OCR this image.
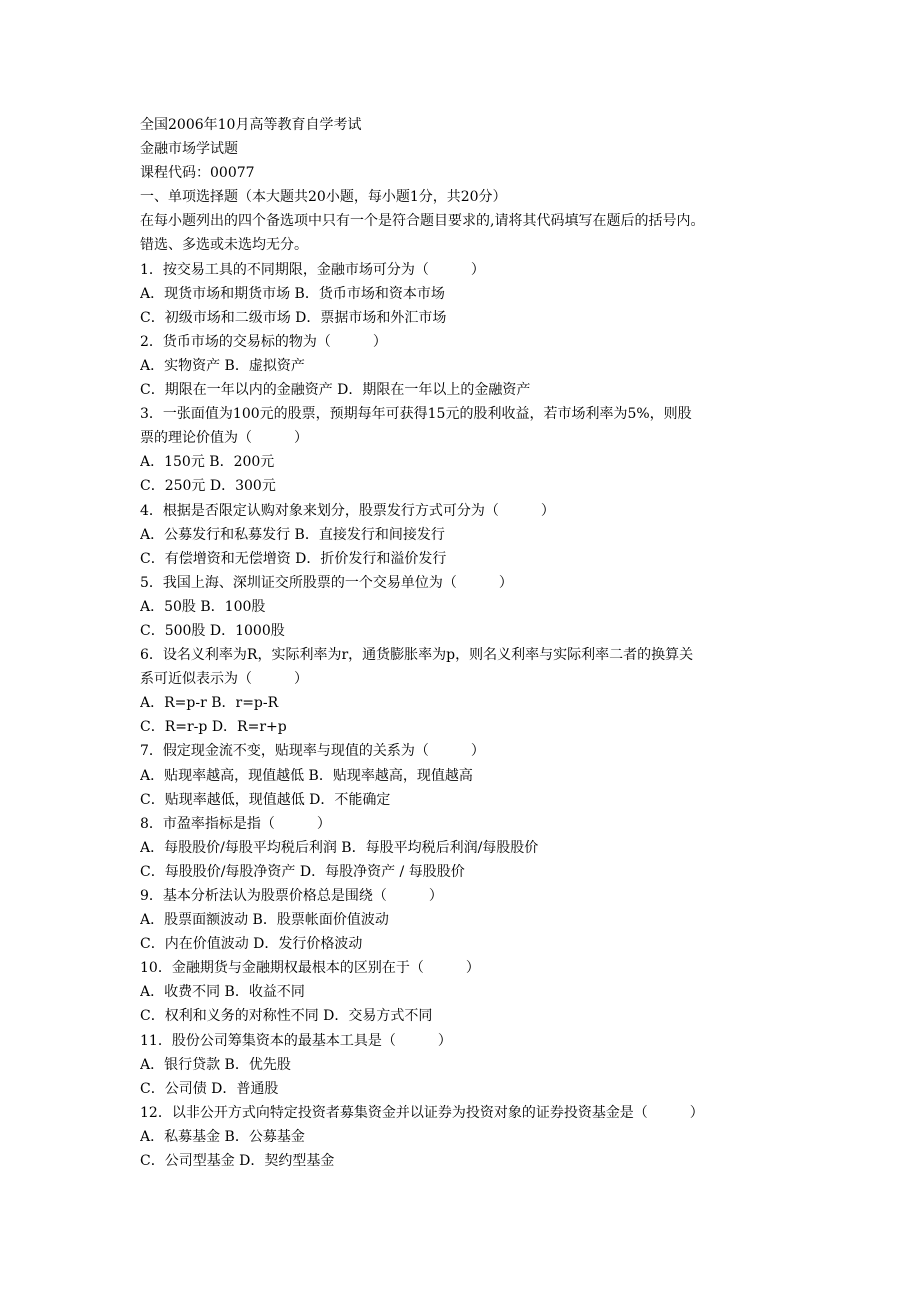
全国2006年10月高等教育自学考试
金融市场学试题
课程代码：00077
一、单项选择题（本大题共20小题，每小题1分，共20分）
在每小题列出的四个备选项中只有一个是符合题目要求的,请将其代码填写在题后的括号内。
错选、多选或未选均无分。
1．按交易工具的不同期限，金融市场可分为（　　　）
A．现货市场和期货市场 B．货币市场和资本市场
C．初级市场和二级市场 D．票据市场和外汇市场
2．货币市场的交易标的物为（　　　）
A．实物资产 B．虚拟资产
C．期限在一年以内的金融资产 D．期限在一年以上的金融资产
3．一张面值为100元的股票，预期每年可获得15元的股利收益，若市场利率为5%，则股
票的理论价值为（　　　）
A．150元 B．200元
C．250元 D．300元
4．根据是否限定认购对象来划分，股票发行方式可分为（　　　）
A．公募发行和私募发行 B．直接发行和间接发行
C．有偿增资和无偿增资 D．折价发行和溢价发行
5．我国上海、深圳证交所股票的一个交易单位为（　　　）
A．50股 B．100股
C．500股 D．1000股
6．设名义利率为R，实际利率为r，通货膨胀率为p，则名义利率与实际利率二者的换算关
系可近似表示为（　　　）
A．R=p-r B．r=p-R
C．R=r-p D．R=r+p
7．假定现金流不变，贴现率与现值的关系为（　　　）
A．贴现率越高，现值越低 B．贴现率越高，现值越高
C．贴现率越低，现值越低 D．不能确定
8．市盈率指标是指（　　　）
A．每股股价/每股平均税后利润 B．每股平均税后利润/每股股价
C．每股股价/每股净资产 D．每股净资产 / 每股股价
9．基本分析法认为股票价格总是围绕（　　　）
A．股票面额波动 B．股票帐面价值波动
C．内在价值波动 D．发行价格波动
10．金融期货与金融期权最根本的区别在于（　　　）
A．收费不同 B．收益不同
C．权利和义务的对称性不同 D．交易方式不同
11．股份公司筹集资本的最基本工具是（　　　）
A．银行贷款 B．优先股
C．公司债 D．普通股
12．以非公开方式向特定投资者募集资金并以证券为投资对象的证券投资基金是（　　　）
A．私募基金 B．公募基金
C．公司型基金 D．契约型基金
